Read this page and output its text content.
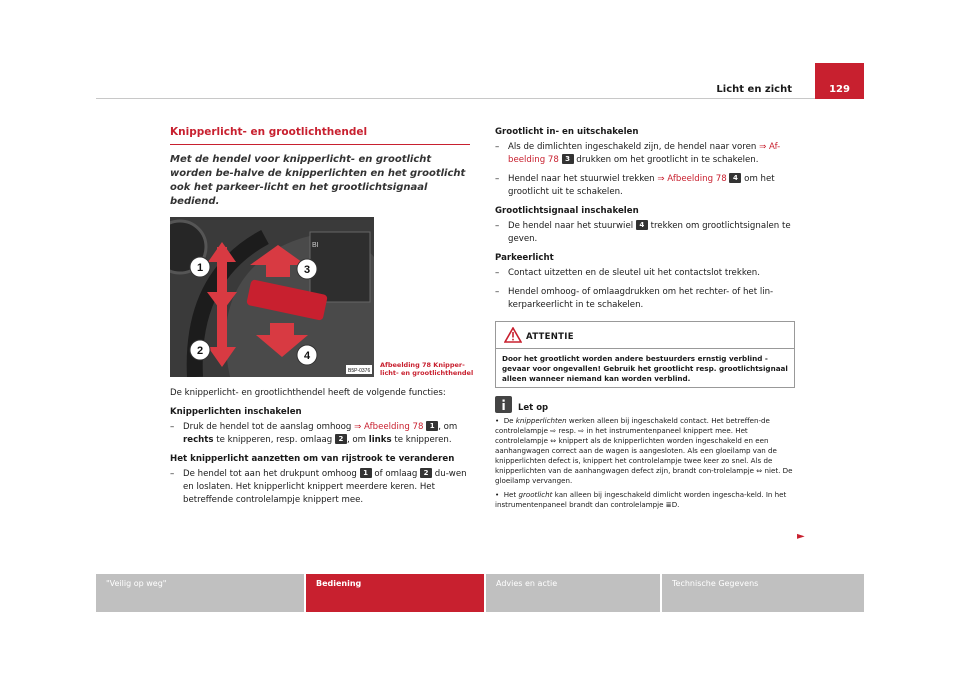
Licht en zicht	129
Knipperlicht- en grootlichthendel
Met de hendel voor knipperlicht- en grootlicht worden be-halve de knipperlichten en het grootlicht ook het parkeer-licht en het grootlichtsignaal bediend.
BI
1
2
3
4
B5P-0376
Afbeelding 78 Knipper-licht- en grootlichthendel

De knipperlicht- en grootlichthendel heeft de volgende functies:

Knipperlichten inschakelen
– Druk de hendel tot de aanslag omhoog ⇒ Afbeelding 78 1 , om rechts te knipperen, resp. omlaag 2 , om links te knipperen.
Het knipperlicht aanzetten om van rijstrook te veranderen
– De hendel tot aan het drukpunt omhoog 1 of omlaag 2 du-wen en loslaten. Het knipperlicht knippert meerdere keren. Het betreffende controlelampje knippert mee.
Grootlicht in- en uitschakelen
– Als de dimlichten ingeschakeld zijn, de hendel naar voren ⇒ Af-beelding 78 3 drukken om het grootlicht in te schakelen.
– Hendel naar het stuurwiel trekken ⇒ Afbeelding 78 4 om het grootlicht uit te schakelen.
Grootlichtsignaal inschakelen
– De hendel naar het stuurwiel 4 trekken om grootlichtsignalen te geven.
Parkeerlicht
– Contact uitzetten en de sleutel uit het contactslot trekken.
– Hendel omhoog- of omlaagdrukken om het rechter- of het lin-kerparkeerlicht in te schakelen.
ATTENTIE
Door het grootlicht worden andere bestuurders ernstig verblind - gevaar voor ongevallen! Gebruik het grootlicht resp. grootlichtsignaal alleen wanneer niemand kan worden verblind.
Let op
•  De knipperlichten werken alleen bij ingeschakeld contact. Het betreffen-de controlelampje ⇨ resp. ⇨ in het instrumentenpaneel knippert mee. Het controlelampje ⇔ knippert als de knipperlichten worden ingeschakeld en een aanhangwagen correct aan de wagen is aangesloten. Als een gloeilamp van de knipperlichten defect is, knippert het controlelampje twee keer zo snel. Als de knipperlichten van de aanhangwagen defect zijn, brandt con-trolelampje ⇔ niet. De gloeilamp vervangen.
•  Het grootlicht kan alleen bij ingeschakeld dimlicht worden ingescha-keld. In het instrumentenpaneel brandt dan controlelampje ≣D.
►
"Veilig op weg"	Bediening	Advies en actie	Technische Gegevens
